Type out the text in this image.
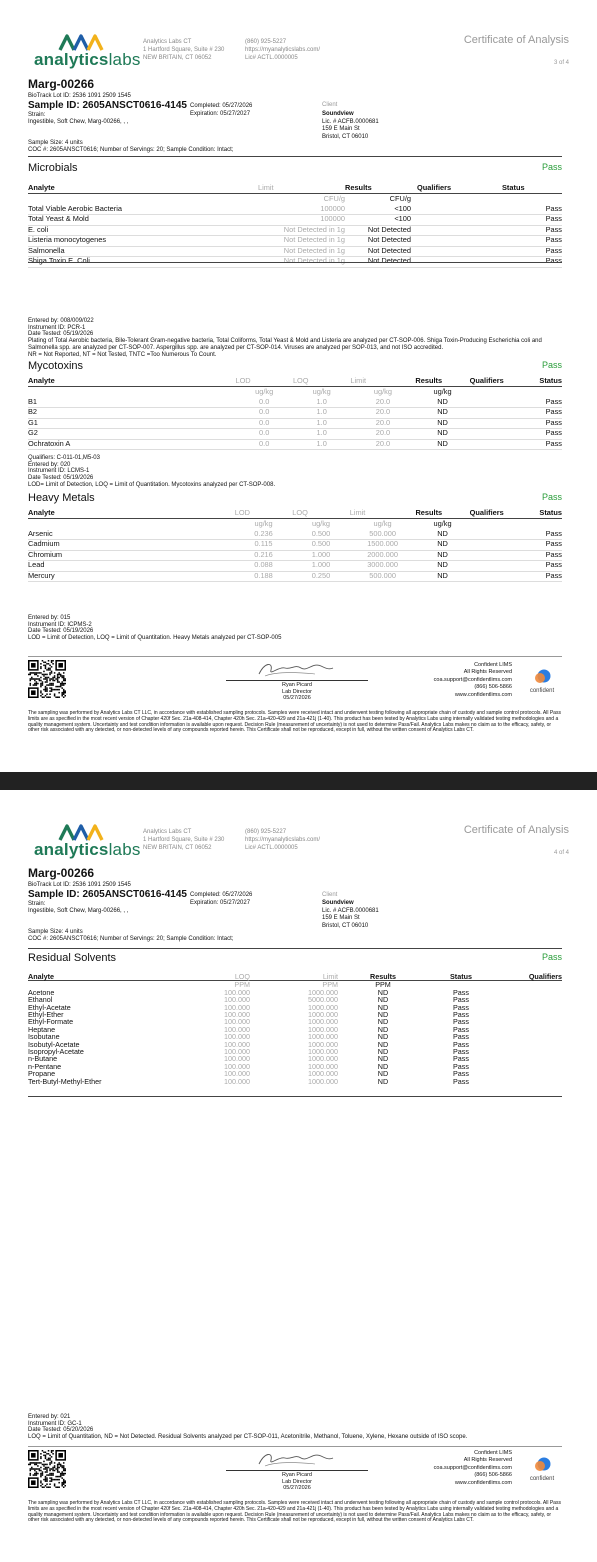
analyticslabs
Analytics Labs CT
1 Hartford Square, Suite # 230
NEW BRITAIN, CT 06052
(860) 925-5227
https://myanalyticslabs.com/
Lic# ACTL.0000005
Certificate of Analysis
3 of 4
Marg-00266
BioTrack Lot ID: 2536 1091 2509 1545
Sample ID: 2605ANSCT0616-4145
Strain:
Ingestible, Soft Chew, Marg-00266, , ,
Completed: 05/27/2026
Expiration: 05/27/2027
Client
Soundview
Lic. # ACFB.0000681
159 E Main St
Bristol, CT 06010
Sample Size: 4 units
COC #: 2605ANSCT0616; Number of Servings: 20; Sample Condition: Intact;
Microbials	Pass
Analyte	Limit	Results	Qualifiers	Status
	CFU/g	CFU/g		
Total Viable Aerobic Bacteria	100000	<100		Pass
Total Yeast & Mold	100000	<100		Pass
E. coli	Not Detected in 1g	Not Detected		Pass
Listeria monocytogenes	Not Detected in 1g	Not Detected		Pass
Salmonella	Not Detected in 1g	Not Detected		Pass
Shiga Toxin E. Coli	Not Detected in 1g	Not Detected		Pass
Entered by: 008/009/022
Instrument ID: PCR-1
Date Tested: 05/19/2026
Plating of Total Aerobic bacteria, Bile-Tolerant Gram-negative bacteria, Total Coliforms, Total Yeast & Mold and Listeria are analyzed per CT-SOP-006. Shiga Toxin-Producing Escherichia coli and Salmonella spp. are analyzed per CT-SOP-007. Aspergillus spp. are analyzed per CT-SOP-014. Viruses are analyzed per SOP-013, and not ISO accredited.
NR = Not Reported, NT = Not Tested, TNTC =Too Numerous To Count.
Mycotoxins	Pass
Analyte	LOD	LOQ	Limit	Results	Qualifiers	Status
	ug/kg	ug/kg	ug/kg	ug/kg		
B1	0.0	1.0	20.0	ND		Pass
B2	0.0	1.0	20.0	ND		Pass
G1	0.0	1.0	20.0	ND		Pass
G2	0.0	1.0	20.0	ND		Pass
Ochratoxin A	0.0	1.0	20.0	ND		Pass
Qualifiers: C-011-01,M5-03
Entered by: 020
Instrument ID: LCMS-1
Date Tested: 05/19/2026
LOD= Limit of Detection, LOQ = Limit of Quantitation. Mycotoxins analyzed per CT-SOP-008.
Heavy Metals	Pass
Analyte	LOD	LOQ	Limit	Results	Qualifiers	Status
	ug/kg	ug/kg	ug/kg	ug/kg		
Arsenic	0.236	0.500	500.000	ND		Pass
Cadmium	0.115	0.500	1500.000	ND		Pass
Chromium	0.216	1.000	2000.000	ND		Pass
Lead	0.088	1.000	3000.000	ND		Pass
Mercury	0.188	0.250	500.000	ND		Pass
Entered by: 015
Instrument ID: ICPMS-2
Date Tested: 05/19/2026
LOD = Limit of Detection, LOQ = Limit of Quantitation. Heavy Metals analyzed per CT-SOP-005
Ryan Picard
Lab Director
05/27/2026
Confident LIMS
All Rights Reserved
coa.support@confidentlims.com
(866) 506-5866
www.confidentlims.com
confident
The sampling was performed by Analytics Labs CT LLC, in accordance with established sampling protocols. Samples were received intact and underwent testing following all appropriate chain of custody and sample control protocols. All Pass limits are as specified in the most recent version of Chapter 420f Sec. 21a-408-414, Chapter 420h Sec. 21a-420-429 and 21a-421j (1-40). This product has been tested by Analytics Labs using internally validated testing methodologies and a quality management system. Uncertainty and test condition information is available upon request. Decision Rule (measurement of uncertainty) is not used to determine Pass/Fail. Analytics Labs makes no claim as to the efficacy, safety, or other risk associated with any detected, or non-detected levels of any compounds reported herein. This Certificate shall not be reproduced, except in full, without the written consent of Analytics Labs CT.
analyticslabs
Analytics Labs CT
1 Hartford Square, Suite # 230
NEW BRITAIN, CT 06052
(860) 925-5227
https://myanalyticslabs.com/
Lic# ACTL.0000005
Certificate of Analysis
4 of 4
Marg-00266
BioTrack Lot ID: 2536 1091 2509 1545
Sample ID: 2605ANSCT0616-4145
Strain:
Ingestible, Soft Chew, Marg-00266, , ,
Completed: 05/27/2026
Expiration: 05/27/2027
Client
Soundview
Lic. # ACFB.0000681
159 E Main St
Bristol, CT 06010
Sample Size: 4 units
COC #: 2605ANSCT0616; Number of Servings: 20; Sample Condition: Intact;
Residual Solvents	Pass
Analyte	LOQ	Limit	Results	Status	Qualifiers
	PPM	PPM	PPM		
Acetone	100.000	1000.000	ND	Pass	
Ethanol	100.000	5000.000	ND	Pass	
Ethyl-Acetate	100.000	1000.000	ND	Pass	
Ethyl-Ether	100.000	1000.000	ND	Pass	
Ethyl-Formate	100.000	1000.000	ND	Pass	
Heptane	100.000	1000.000	ND	Pass	
Isobutane	100.000	1000.000	ND	Pass	
Isobutyl-Acetate	100.000	1000.000	ND	Pass	
Isopropyl-Acetate	100.000	1000.000	ND	Pass	
n-Butane	100.000	1000.000	ND	Pass	
n-Pentane	100.000	1000.000	ND	Pass	
Propane	100.000	1000.000	ND	Pass	
Tert-Butyl-Methyl-Ether	100.000	1000.000	ND	Pass	
Entered by: 021
Instrument ID: GC-1
Date Tested: 05/20/2026
LOQ = Limit of Quantitation, ND = Not Detected. Residual Solvents analyzed per CT-SOP-011, Acetonitrile, Methanol, Toluene, Xylene, Hexane outside of ISO scope.
Ryan Picard
Lab Director
05/27/2026
Confident LIMS
All Rights Reserved
coa.support@confidentlims.com
(866) 506-5866
www.confidentlims.com
confident
The sampling was performed by Analytics Labs CT LLC, in accordance with established sampling protocols. Samples were received intact and underwent testing following all appropriate chain of custody and sample control protocols. All Pass limits are as specified in the most recent version of Chapter 420f Sec. 21a-408-414, Chapter 420h Sec. 21a-420-429 and 21a-421j (1-40). This product has been tested by Analytics Labs using internally validated testing methodologies and a quality management system. Uncertainty and test condition information is available upon request. Decision Rule (measurement of uncertainty) is not used to determine Pass/Fail. Analytics Labs makes no claim as to the efficacy, safety, or other risk associated with any detected, or non-detected levels of any compounds reported herein. This Certificate shall not be reproduced, except in full, without the written consent of Analytics Labs CT.
